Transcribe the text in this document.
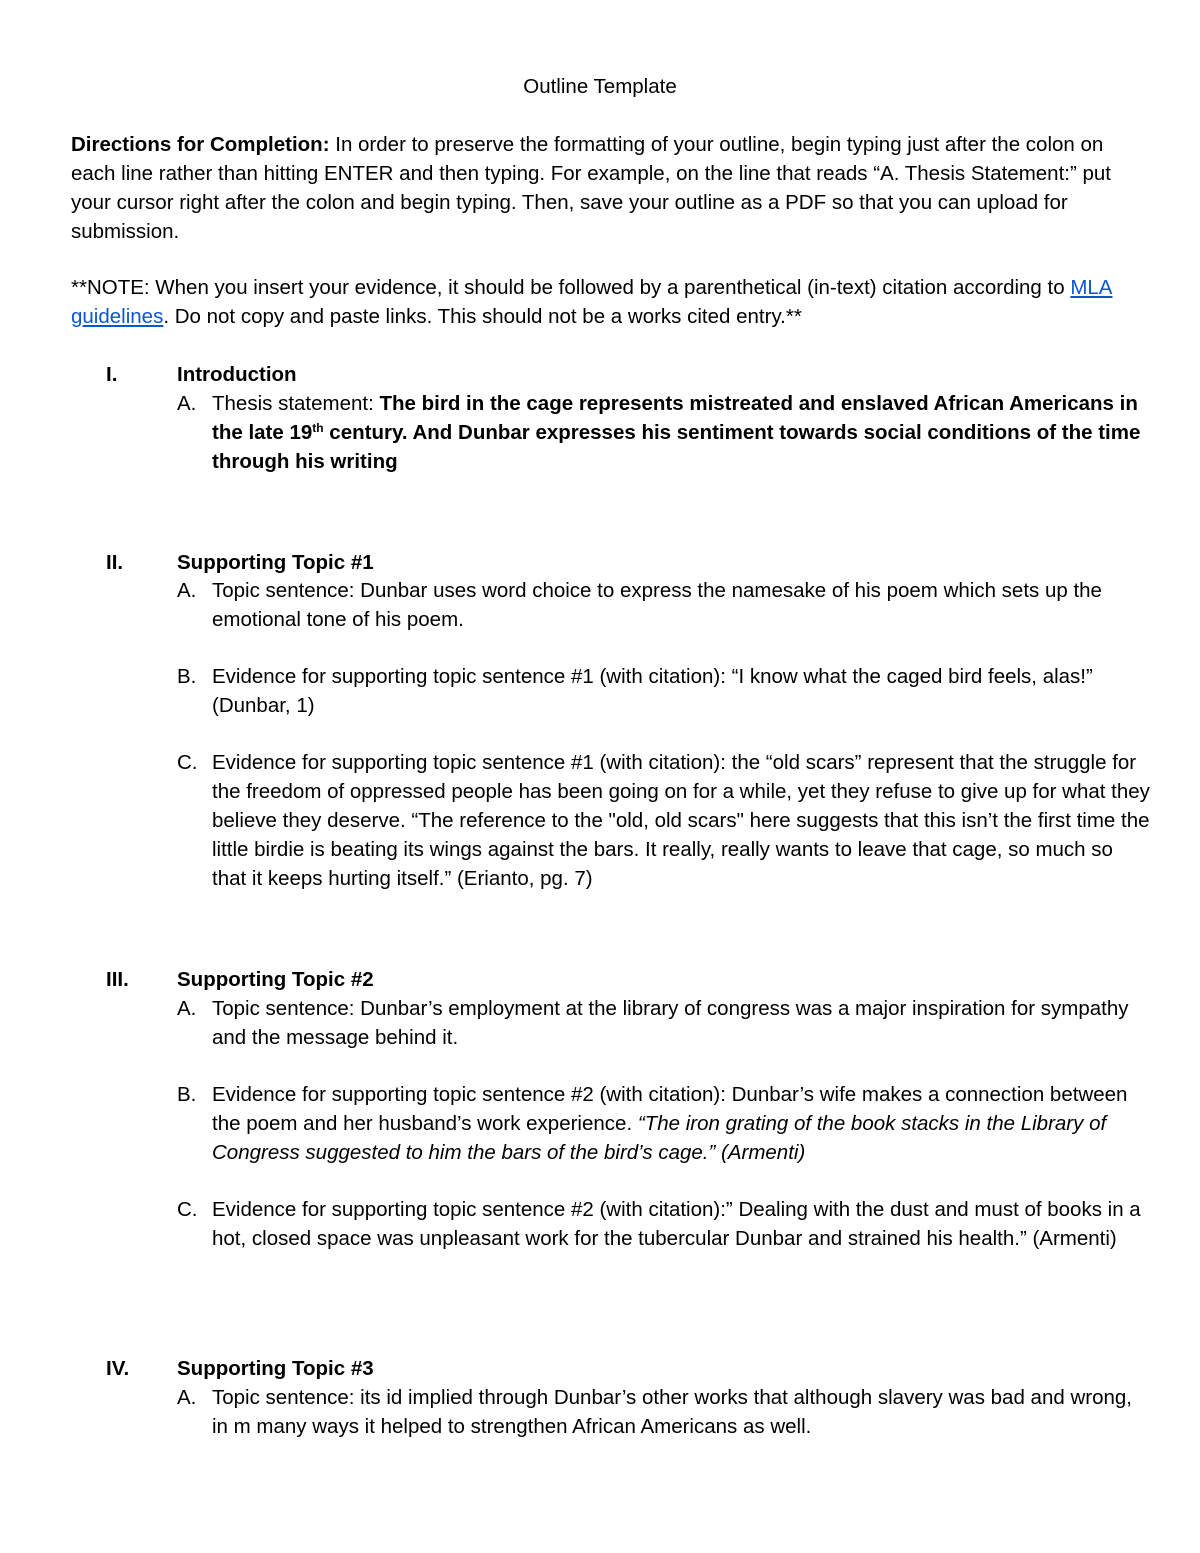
Outline Template
Directions for Completion: In order to preserve the formatting of your outline, begin typing just after the colon on each line rather than hitting ENTER and then typing. For example, on the line that reads “A. Thesis Statement:” put your cursor right after the colon and begin typing. Then, save your outline as a PDF so that you can upload for submission.
**NOTE: When you insert your evidence, it should be followed by a parenthetical (in-text) citation according to MLA guidelines. Do not copy and paste links. This should not be a works cited entry.**
I.	Introduction
A. Thesis statement: The bird in the cage represents mistreated and enslaved African Americans in the late 19th century. And Dunbar expresses his sentiment towards social conditions of the time through his writing
II.	Supporting Topic #1
A. Topic sentence: Dunbar uses word choice to express the namesake of his poem which sets up the emotional tone of his poem.
B. Evidence for supporting topic sentence #1 (with citation): “I know what the caged bird feels, alas!” (Dunbar, 1)
C. Evidence for supporting topic sentence #1 (with citation): the “old scars” represent that the struggle for the freedom of oppressed people has been going on for a while, yet they refuse to give up for what they believe they deserve. “The reference to the "old, old scars" here suggests that this isn’t the first time the little birdie is beating its wings against the bars. It really, really wants to leave that cage, so much so that it keeps hurting itself.” (Erianto, pg. 7)
III. Supporting Topic #2
A. Topic sentence: Dunbar’s employment at the library of congress was a major inspiration for sympathy and the message behind it.
B. Evidence for supporting topic sentence #2 (with citation): Dunbar’s wife makes a connection between the poem and her husband’s work experience. “The iron grating of the book stacks in the Library of Congress suggested to him the bars of the bird’s cage.” (Armenti)
C. Evidence for supporting topic sentence #2 (with citation):” Dealing with the dust and must of books in a hot, closed space was unpleasant work for the tubercular Dunbar and strained his health.” (Armenti)
IV. Supporting Topic #3
A. Topic sentence: its id implied through Dunbar’s other works that although slavery was bad and wrong, in m many ways it helped to strengthen African Americans as well.
